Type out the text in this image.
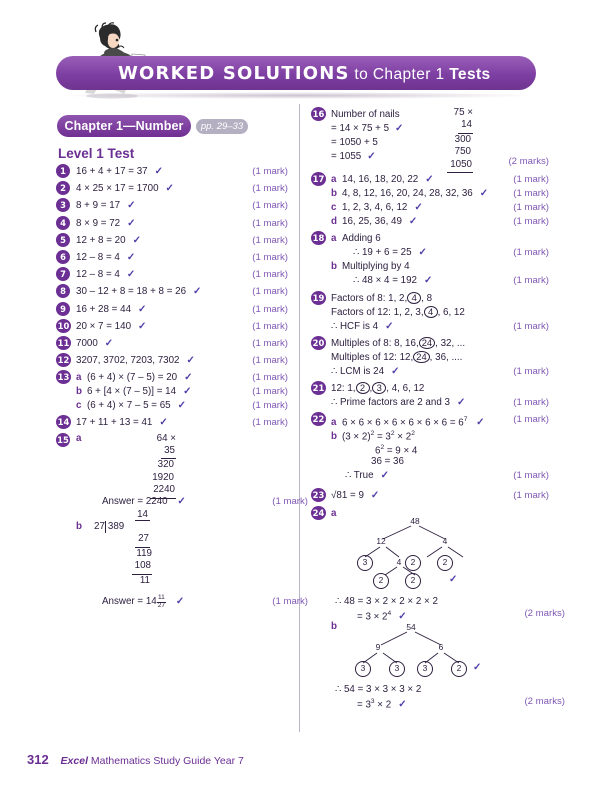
WORKED SOLUTIONS to Chapter 1 Tests
Chapter 1—Number	pp. 29–33
Level 1 Test
1	16 + 4 + 17 = 37 ✓	(1 mark)
2	4 × 25 × 17 = 1700 ✓	(1 mark)
3	8 + 9 = 17 ✓	(1 mark)
4	8 × 9 = 72 ✓	(1 mark)
5	12 + 8 = 20 ✓	(1 mark)
6	12 – 8 = 4 ✓	(1 mark)
7	12 – 8 = 4 ✓	(1 mark)
8	30 – 12 + 8 = 18 + 8 = 26 ✓	(1 mark)
9	16 + 28 = 44 ✓	(1 mark)
10 20 × 7 = 140 ✓	(1 mark)
11 7000 ✓	(1 mark)
12 3207, 3702, 7203, 7302 ✓	(1 mark)
13 a (6 + 4) × (7 – 5) = 20 ✓	(1 mark)
b 6 + [4 × (7 – 5)] = 14 ✓	(1 mark)
c (6 + 4) × 7 – 5 = 65 ✓	(1 mark)
14 17 + 11 + 13 = 41 ✓	(1 mark)
15 a	64 ×
35
320
1920
2240
Answer = 2240 ✓	(1 mark)
b
14
27 389
27
119
108
11
Answer = $14 \frac{11}{27}$ ✓	(1 mark)
16 Number of nails
= 14 × 75 + 5 ✓
= 1050 + 5
= 1055 ✓
75 ×
14
300
750
1050	(2 marks)
17 a 14, 16, 18, 20, 22 ✓	(1 mark)
b 4, 8, 12, 16, 20, 24, 28, 32, 36 ✓	(1 mark)
c 1, 2, 3, 4, 6, 12 ✓	(1 mark)
d 16, 25, 36, 49 ✓	(1 mark)
18 a Adding 6
∴ 19 + 6 = 25 ✓	(1 mark)
b Multiplying by 4
∴ 48 × 4 = 192 ✓	(1 mark)
19 Factors of 8: 1, 2, 4 , 8
Factors of 12: 1, 2, 3, 4 , 6, 12
∴ HCF is 4 ✓	(1 mark)
20 Multiples of 8: 8, 16, 24 , 32, ...
Multiples of 12: 12, 24 , 36, ....
∴ LCM is 24 ✓	(1 mark)
21 12: 1, 2 , 3 , 4, 6, 12
∴ Prime factors are 2 and 3 ✓	(1 mark)
22 a $6 \times 6 \times 6 \times 6 \times 6 \times 6 \times 6 = 6^7$ ✓	(1 mark)
b $(3 \times 2)^2 = 3^2 \times 2^2$
$6^2 = 9 \times 4$
36 = 36
∴ True ✓	(1 mark)
23 √81 = 9 ✓	(1 mark)
24 a
48
12	4
3	4	2	2
2	2	✓
∴ 48 = 3 × 2 × 2 × 2 × 2
= $3 \times 2^4$ ✓	(2 marks)
b	54
9	6
3	3	3	2	✓
∴ 54 = 3 × 3 × 3 × 2
= $3^3 \times 2$ ✓	(2 marks)
312 Excel Mathematics Study Guide Year 7
